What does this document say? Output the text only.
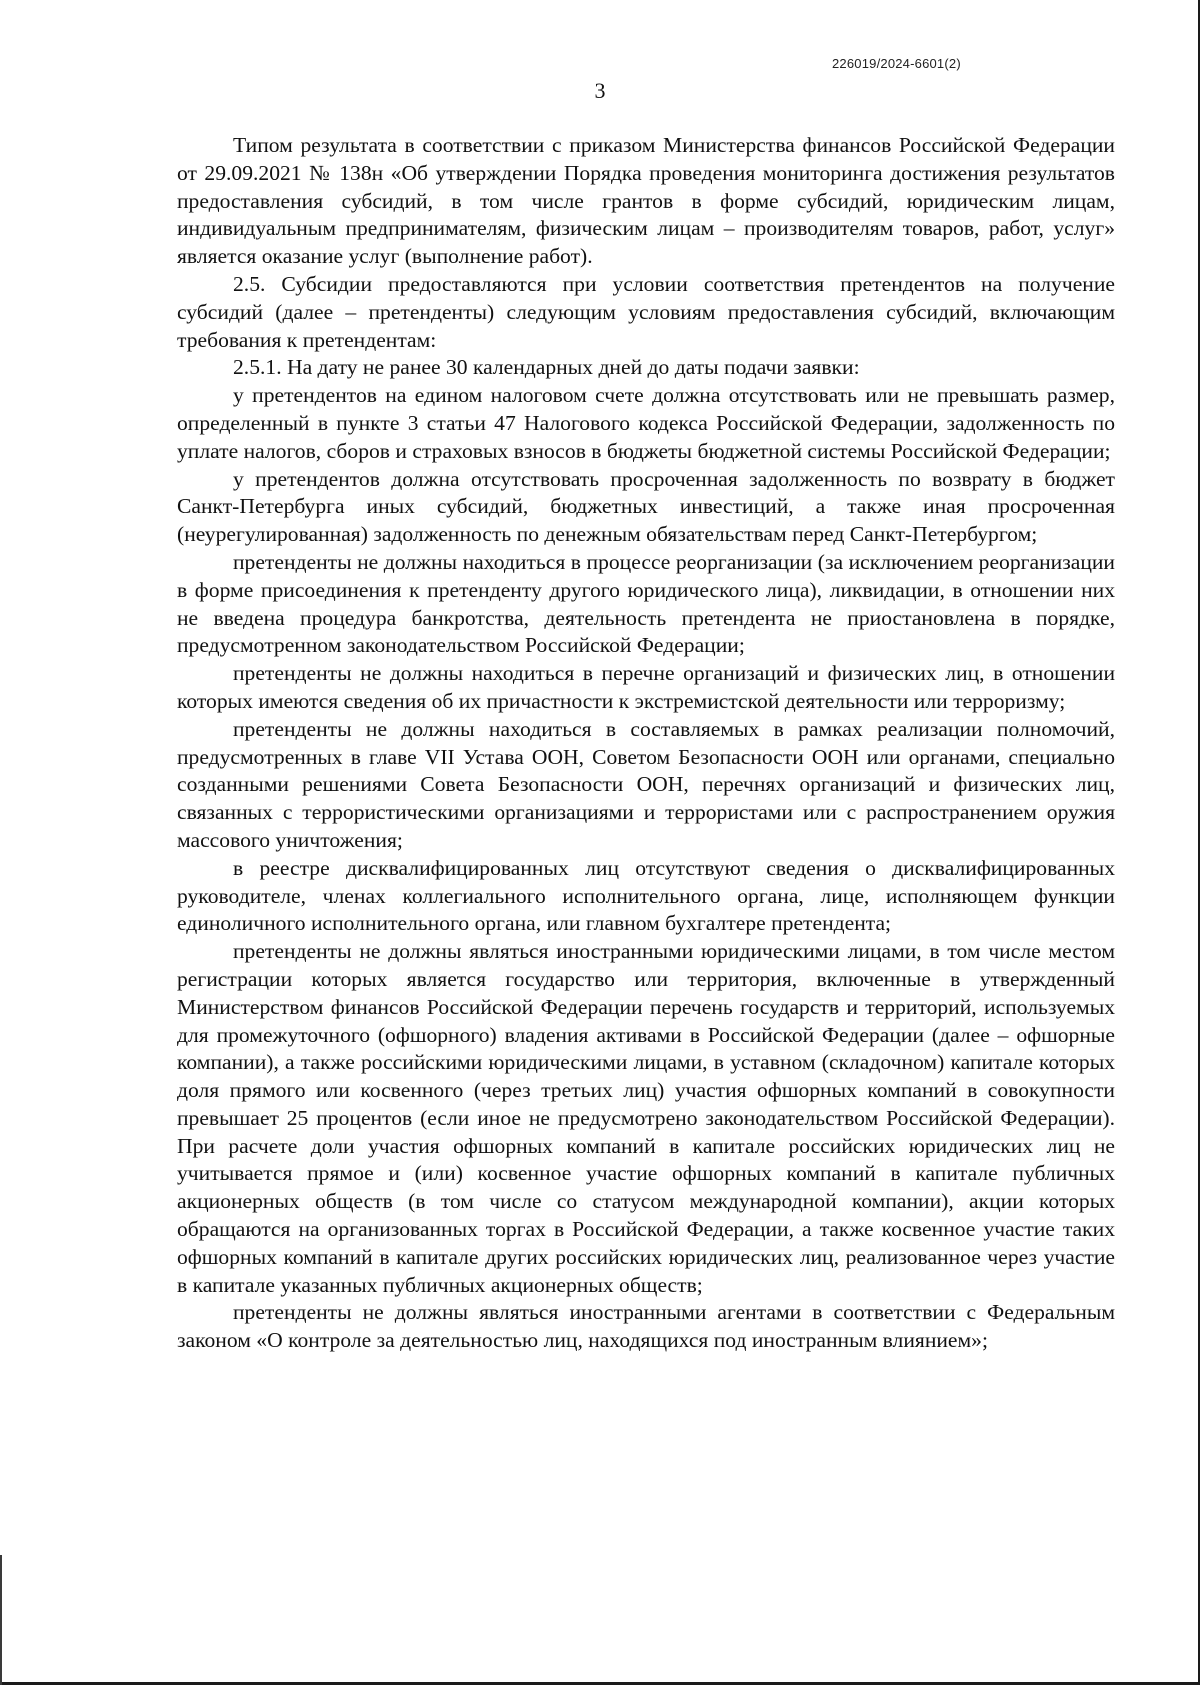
226019/2024-6601(2)
3

Типом результата в соответствии с приказом Министерства финансов Российской Федерации от 29.09.2021 № 138н «Об утверждении Порядка проведения мониторинга достижения результатов предоставления субсидий, в том числе грантов в форме субсидий, юридическим лицам, индивидуальным предпринимателям, физическим лицам – производителям товаров, работ, услуг» является оказание услуг (выполнение работ).

2.5. Субсидии предоставляются при условии соответствия претендентов на получение субсидий (далее – претенденты) следующим условиям предоставления субсидий, включающим требования к претендентам:

2.5.1. На дату не ранее 30 календарных дней до даты подачи заявки:

у претендентов на едином налоговом счете должна отсутствовать или не превышать размер, определенный в пункте 3 статьи 47 Налогового кодекса Российской Федерации, задолженность по уплате налогов, сборов и страховых взносов в бюджеты бюджетной системы Российской Федерации;

у претендентов должна отсутствовать просроченная задолженность по возврату в бюджет Санкт-Петербурга иных субсидий, бюджетных инвестиций, а также иная просроченная (неурегулированная) задолженность по денежным обязательствам перед Санкт-Петербургом;

претенденты не должны находиться в процессе реорганизации (за исключением реорганизации в форме присоединения к претенденту другого юридического лица), ликвидации, в отношении них не введена процедура банкротства, деятельность претендента не приостановлена в порядке, предусмотренном законодательством Российской Федерации;

претенденты не должны находиться в перечне организаций и физических лиц, в отношении которых имеются сведения об их причастности к экстремистской деятельности или терроризму;

претенденты не должны находиться в составляемых в рамках реализации полномочий, предусмотренных в главе VII Устава ООН, Советом Безопасности ООН или органами, специально созданными решениями Совета Безопасности ООН, перечнях организаций и физических лиц, связанных с террористическими организациями и террористами или с распространением оружия массового уничтожения;

в реестре дисквалифицированных лиц отсутствуют сведения о дисквалифицированных руководителе, членах коллегиального исполнительного органа, лице, исполняющем функции единоличного исполнительного органа, или главном бухгалтере претендента;

претенденты не должны являться иностранными юридическими лицами, в том числе местом регистрации которых является государство или территория, включенные в утвержденный Министерством финансов Российской Федерации перечень государств и территорий, используемых для промежуточного (офшорного) владения активами в Российской Федерации (далее – офшорные компании), а также российскими юридическими лицами, в уставном (складочном) капитале которых доля прямого или косвенного (через третьих лиц) участия офшорных компаний в совокупности превышает 25 процентов (если иное не предусмотрено законодательством Российской Федерации). При расчете доли участия офшорных компаний в капитале российских юридических лиц не учитывается прямое и (или) косвенное участие офшорных компаний в капитале публичных акционерных обществ (в том числе со статусом международной компании), акции которых обращаются на организованных торгах в Российской Федерации, а также косвенное участие таких офшорных компаний в капитале других российских юридических лиц, реализованное через участие в капитале указанных публичных акционерных обществ;

претенденты не должны являться иностранными агентами в соответствии с Федеральным законом «О контроле за деятельностью лиц, находящихся под иностранным влиянием»;
